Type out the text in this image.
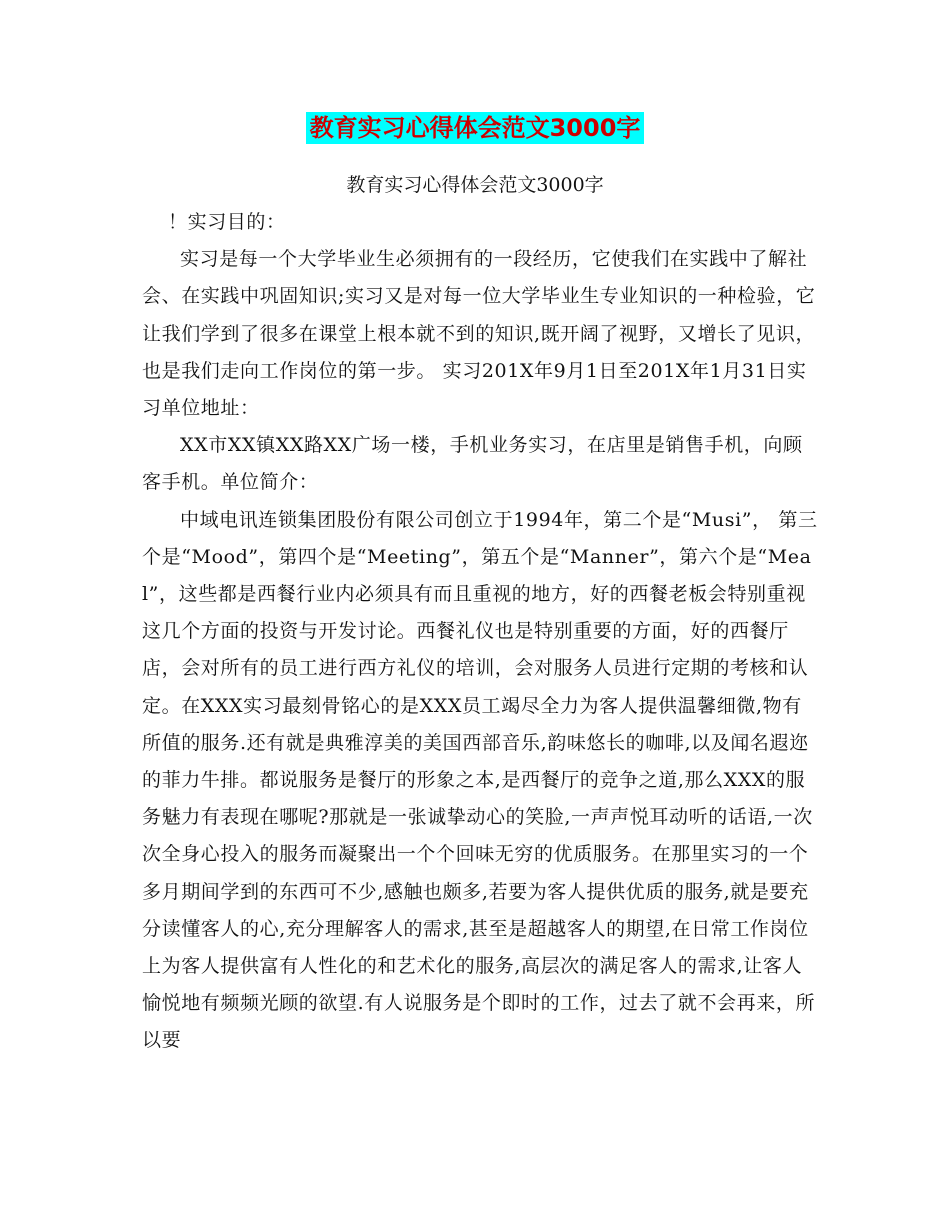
教育实习心得体会范文3000字
教育实习心得体会范文3000字

！实习目的：

实习是每一个大学毕业生必须拥有的一段经历，它使我们在实践中了解社会、在实践中巩固知识;实习又是对每一位大学毕业生专业知识的一种检验，它让我们学到了很多在课堂上根本就不到的知识,既开阔了视野，又增长了见识，也是我们走向工作岗位的第一步。 实习201X年9月1日至201X年1月31日实习单位地址：

XX市XX镇XX路XX广场一楼，手机业务实习，在店里是销售手机，向顾客手机。单位简介：

中域电讯连锁集团股份有限公司创立于1994年，第二个是“Musi”， 第三个是“Mood”，第四个是“Meeting”，第五个是“Manner”，第六个是“Meal”，这些都是西餐行业内必须具有而且重视的地方，好的西餐老板会特别重视这几个方面的投资与开发讨论。西餐礼仪也是特别重要的方面，好的西餐厅店，会对所有的员工进行西方礼仪的培训，会对服务人员进行定期的考核和认定。在XXX实习最刻骨铭心的是XXX员工竭尽全力为客人提供温馨细微,物有所值的服务.还有就是典雅淳美的美国西部音乐,韵味悠长的咖啡,以及闻名遐迩的菲力牛排。都说服务是餐厅的形象之本,是西餐厅的竞争之道,那么XXX的服务魅力有表现在哪呢?那就是一张诚挚动心的笑脸,一声声悦耳动听的话语,一次次全身心投入的服务而凝聚出一个个回味无穷的优质服务。在那里实习的一个多月期间学到的东西可不少,感触也颇多,若要为客人提供优质的服务,就是要充分读懂客人的心,充分理解客人的需求,甚至是超越客人的期望,在日常工作岗位上为客人提供富有人性化的和艺术化的服务,高层次的满足客人的需求,让客人愉悦地有频频光顾的欲望.有人说服务是个即时的工作，过去了就不会再来，所以要
